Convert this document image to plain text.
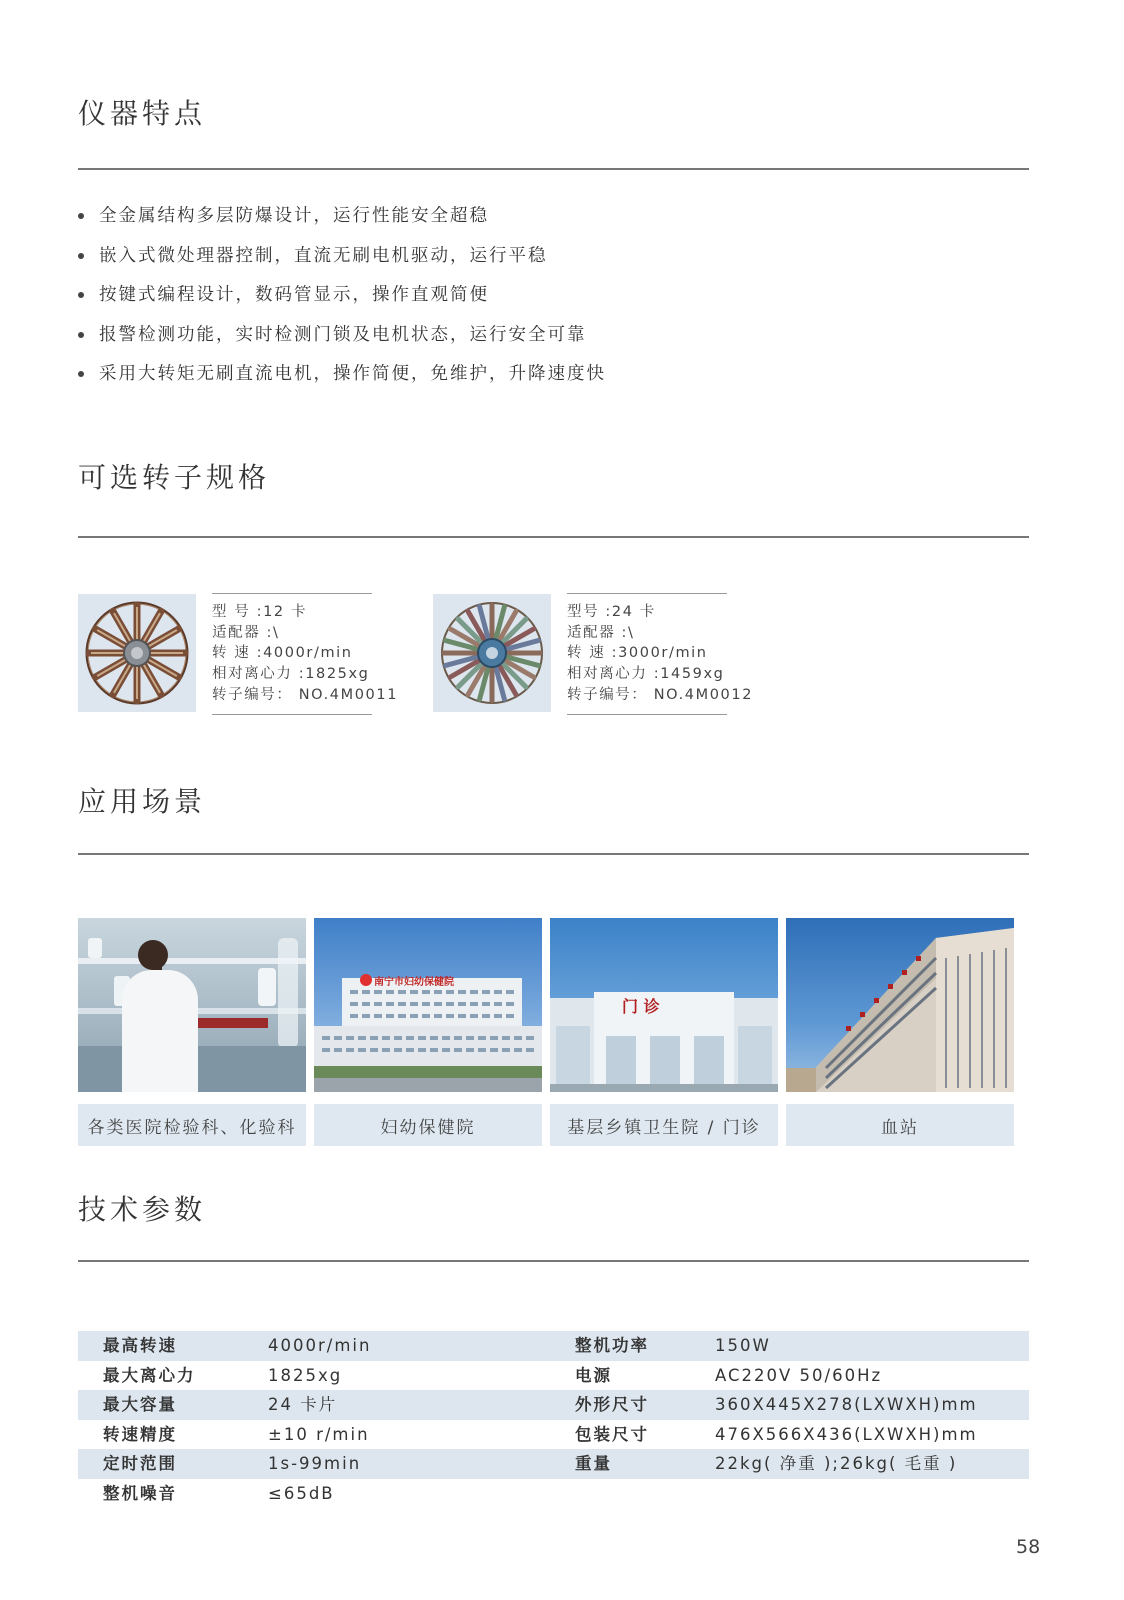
仪器特点
全金属结构多层防爆设计，运行性能安全超稳
嵌入式微处理器控制，直流无刷电机驱动，运行平稳
按键式编程设计，数码管显示，操作直观简便
报警检测功能，实时检测门锁及电机状态，运行安全可靠
采用大转矩无刷直流电机，操作简便，免维护，升降速度快
可选转子规格
型 号 :12 卡
适配器 :\
转 速 :4000r/min
相对离心力 :1825xg
转子编号： NO.4M0011
型号 :24 卡
适配器 :\
转 速 :3000r/min
相对离心力 :1459xg
转子编号： NO.4M0012
应用场景
各类医院检验科、化验科
南宁市妇幼保健院
妇幼保健院
门 诊
基层乡镇卫生院 / 门诊	血站
技术参数
最高转速	4000r/min	整机功率	150W
最大离心力	1825xg	电源	AC220V 50/60Hz
最大容量	24 卡片	外形尺寸	360X445X278(LXWXH)mm
转速精度	±10 r/min	包装尺寸	476X566X436(LXWXH)mm
定时范围	1s-99min	重量	22kg( 净重 );26kg( 毛重 )
整机噪音	≤65dB
58
